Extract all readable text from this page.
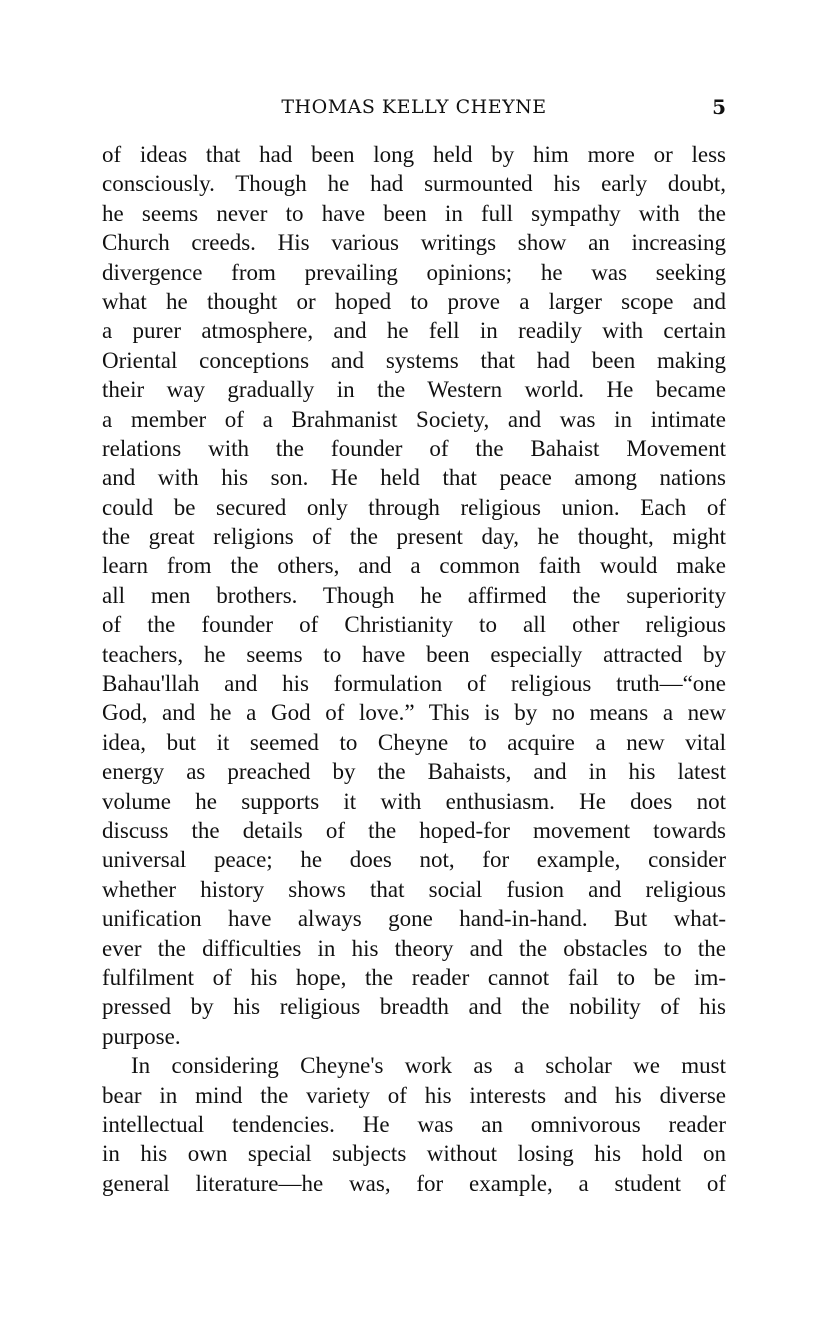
THOMAS KELLY CHEYNE	5
of ideas that had been long held by him more or less
consciously. Though he had surmounted his early doubt,
he seems never to have been in full sympathy with the
Church creeds. His various writings show an increasing
divergence from prevailing opinions; he was seeking
what he thought or hoped to prove a larger scope and
a purer atmosphere, and he fell in readily with certain
Oriental conceptions and systems that had been making
their way gradually in the Western world. He became
a member of a Brahmanist Society, and was in intimate
relations with the founder of the Bahaist Movement
and with his son. He held that peace among nations
could be secured only through religious union. Each of
the great religions of the present day, he thought, might
learn from the others, and a common faith would make
all men brothers. Though he affirmed the superiority
of the founder of Christianity to all other religious
teachers, he seems to have been especially attracted by
Bahau'llah and his formulation of religious truth—“one
God, and he a God of love.” This is by no means a new
idea, but it seemed to Cheyne to acquire a new vital
energy as preached by the Bahaists, and in his latest
volume he supports it with enthusiasm. He does not
discuss the details of the hoped-for movement towards
universal peace; he does not, for example, consider
whether history shows that social fusion and religious
unification have always gone hand-in-hand. But what-
ever the difficulties in his theory and the obstacles to the
fulfilment of his hope, the reader cannot fail to be im-
pressed by his religious breadth and the nobility of his
purpose.
In considering Cheyne's work as a scholar we must
bear in mind the variety of his interests and his diverse
intellectual tendencies. He was an omnivorous reader
in his own special subjects without losing his hold on
general literature—he was, for example, a student of
